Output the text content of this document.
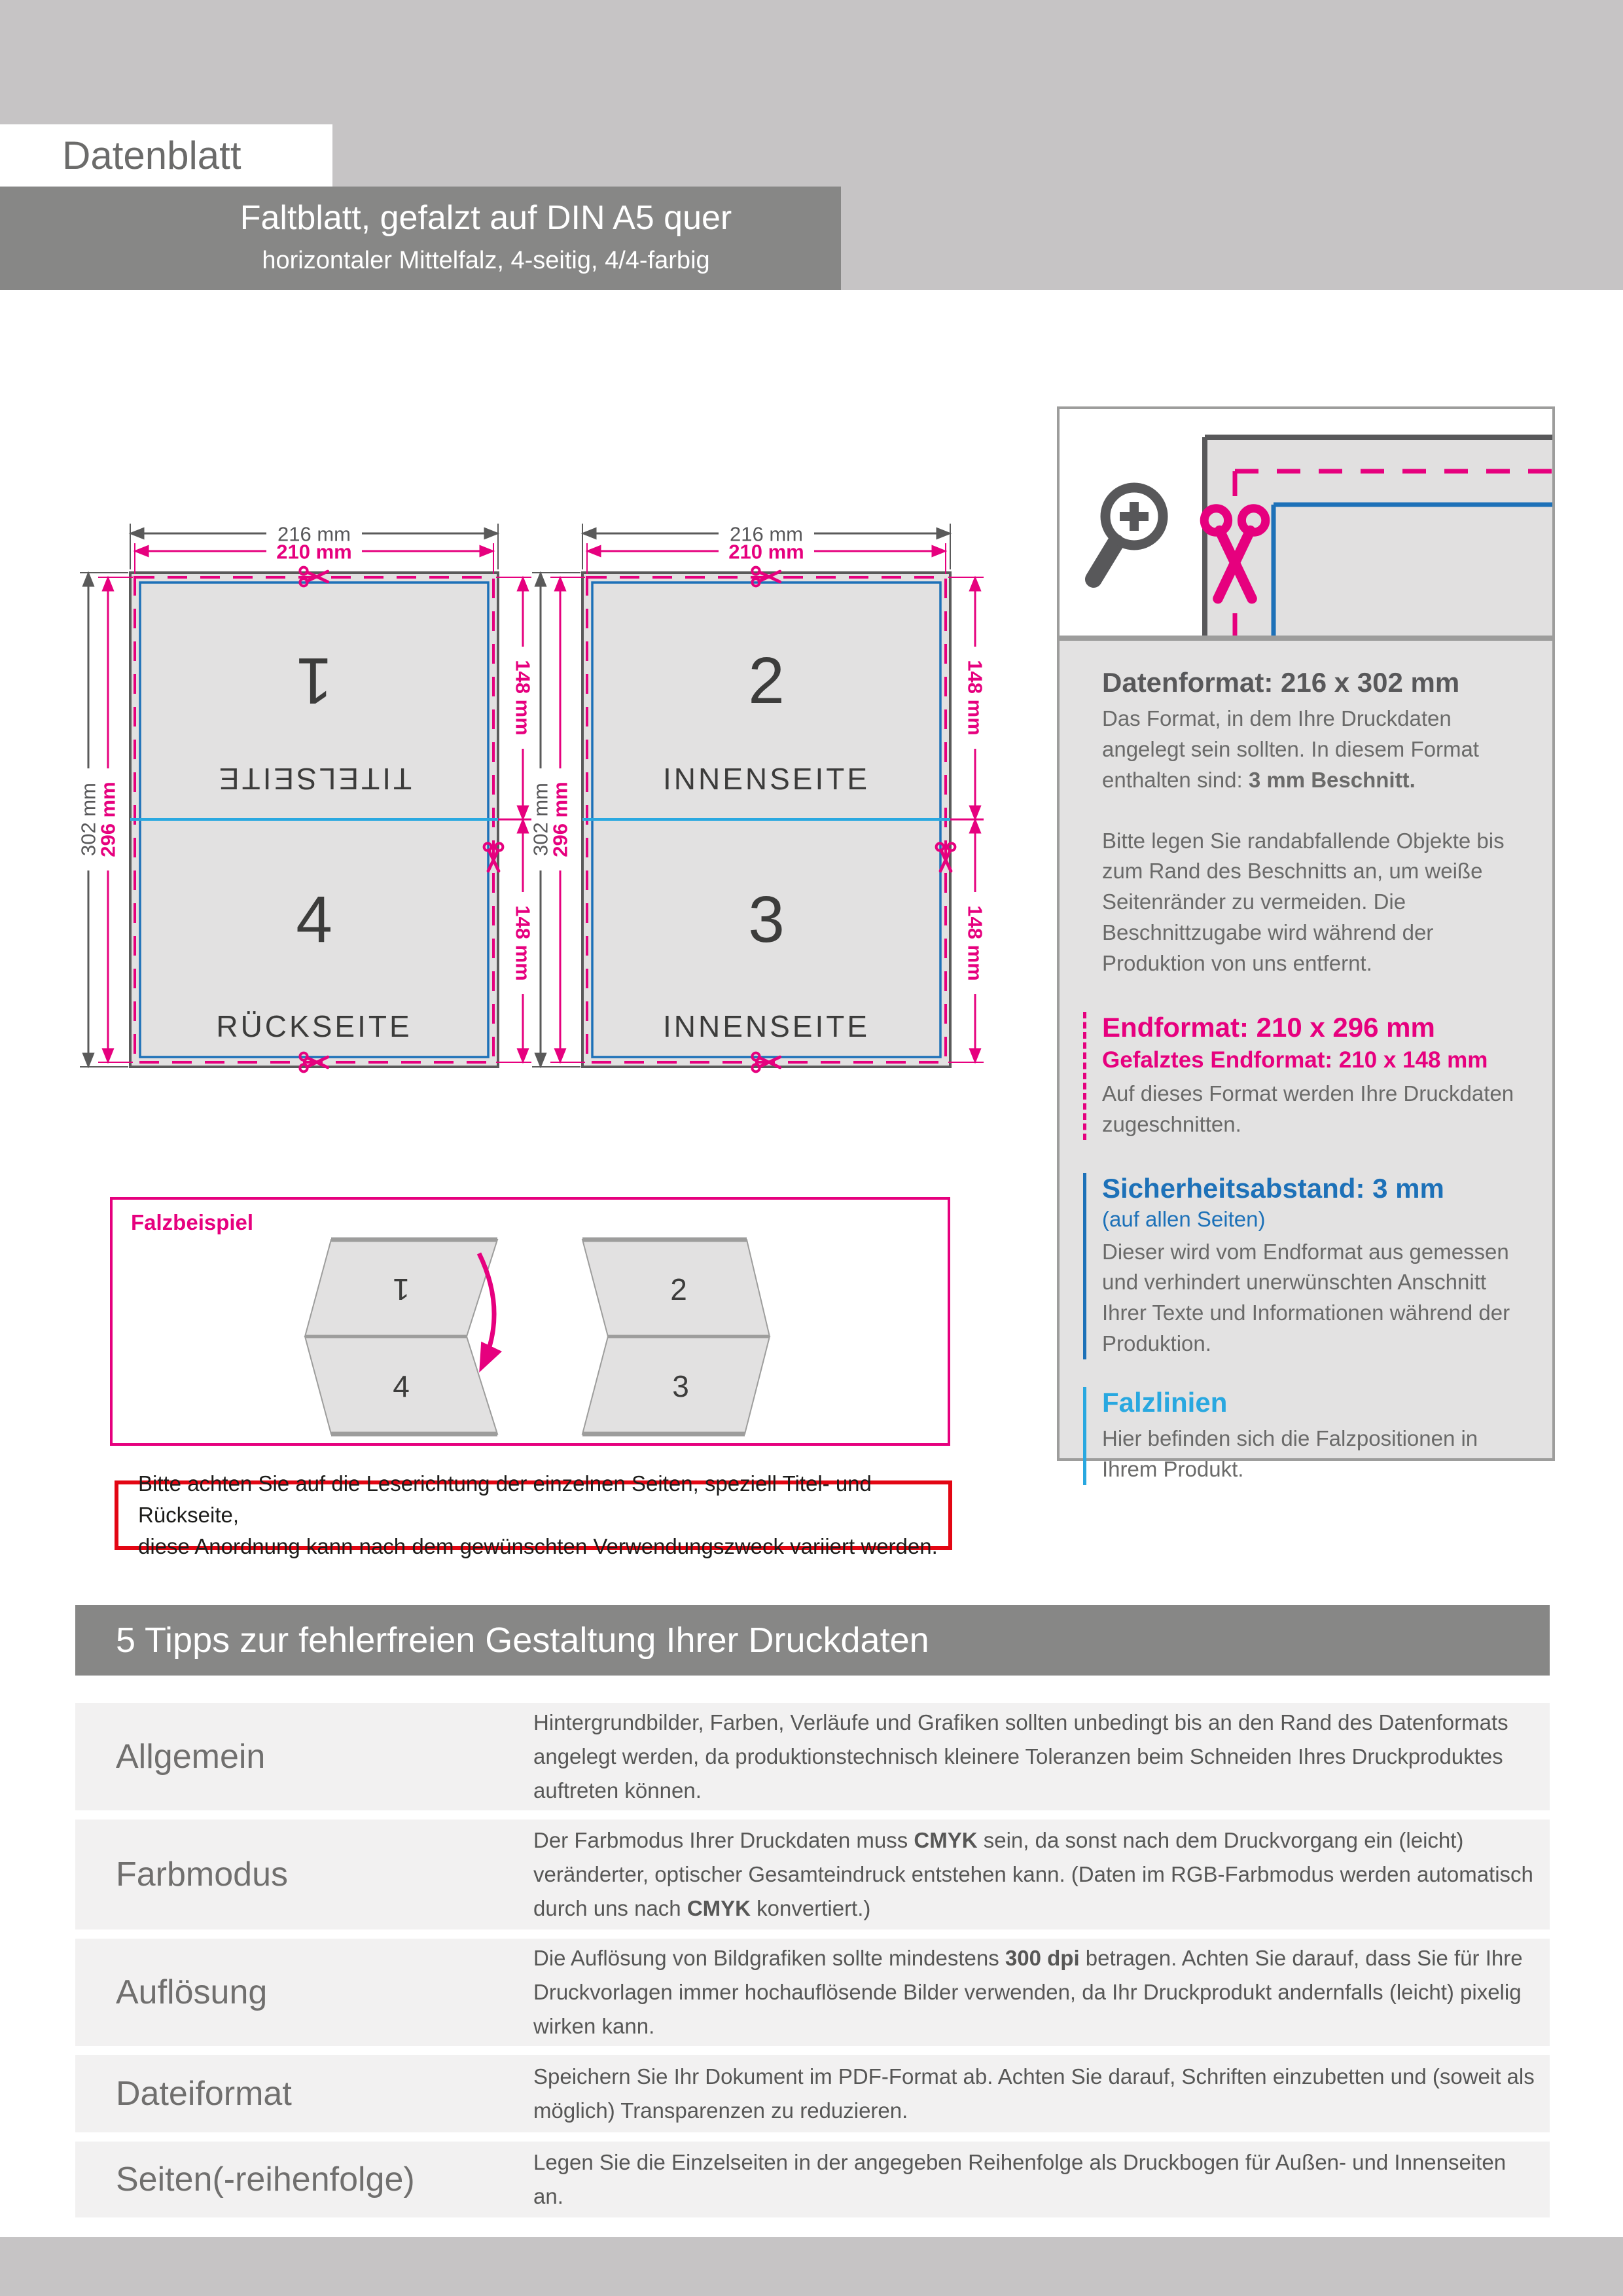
Datenblatt
Faltblatt, gefalzt auf DIN A5 quer
horizontaler Mittelfalz, 4-seitig, 4/4-farbig
216 mm
210 mm
302 mm
296 mm
148 mm
148 mm
1
TITELSEITE
4
RÜCKSEITE
216 mm
210 mm
302 mm
296 mm
148 mm
148 mm
2
INNENSEITE
3
INNENSEITE
Datenformat: 216 x 302 mm

Das Format, in dem Ihre Druckdaten angelegt sein sollten. In diesem Format enthalten sind: 3 mm Beschnitt.

Bitte legen Sie randabfallende Objekte bis zum Rand des Beschnitts an, um weiße Seitenränder zu vermeiden. Die Beschnittzugabe wird während der Produktion von uns entfernt.

Endformat: 210 x 296 mm
Gefalztes Endformat: 210 x 148 mm

Auf dieses Format werden Ihre Druckdaten zugeschnitten.

Sicherheitsabstand: 3 mm
(auf allen Seiten)

Dieser wird vom Endformat aus gemessen und verhindert unerwünschten Anschnitt Ihrer Texte und Informationen während der Produktion.

Falzlinien

Hier befinden sich die Falzpositionen in Ihrem Produkt.

Falzbeispiel
1
4
2
3

Bitte achten Sie auf die Leserichtung der einzelnen Seiten, speziell Titel- und Rückseite,
diese Anordnung kann nach dem gewünschten Verwendungszweck variiert werden.

5 Tipps zur fehlerfreien Gestaltung Ihrer Druckdaten
Allgemein

Hintergrundbilder, Farben, Verläufe und Grafiken sollten unbedingt bis an den Rand des Datenformats angelegt werden, da produktionstechnisch kleinere Toleranzen beim Schneiden Ihres Druckproduktes auftreten können.

Farbmodus

Der Farbmodus Ihrer Druckdaten muss CMYK sein, da sonst nach dem Druckvorgang ein (leicht) veränderter, optischer Gesamteindruck entstehen kann. (Daten im RGB-Farbmodus werden automatisch durch uns nach CMYK konvertiert.)

Auflösung

Die Auflösung von Bildgrafiken sollte mindestens 300 dpi betragen. Achten Sie darauf, dass Sie für Ihre Druckvorlagen immer hochauflösende Bilder verwenden, da Ihr Druckprodukt andernfalls (leicht) pixelig wirken kann.

Dateiformat	Speichern Sie Ihr Dokument im PDF-Format ab. Achten Sie darauf, Schriften einzubetten und (soweit als möglich) Transparenzen zu reduzieren.

Seiten(-reihenfolge)	Legen Sie die Einzelseiten in der angegeben Reihenfolge als Druckbogen für Außen- und Innenseiten an.
